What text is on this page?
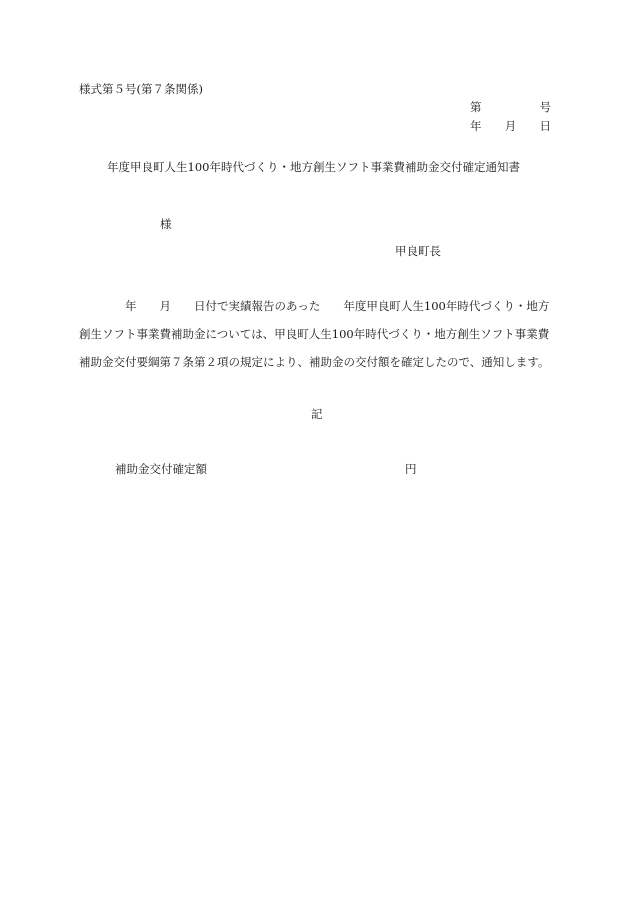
様式第５号(第７条関係)
第	号
年 月 日
年度甲良町人生100年時代づくり・地方創生ソフト事業費補助金交付確定通知書
様
甲良町長
年 月 日付で実績報告のあった 年度甲良町人生100年時代づくり・地方
創生ソフト事業費補助金については、甲良町人生100年時代づくり・地方創生ソフト事業費
補助金交付要綱第７条第２項の規定により、補助金の交付額を確定したので、通知します。
記
補助金交付確定額	円
